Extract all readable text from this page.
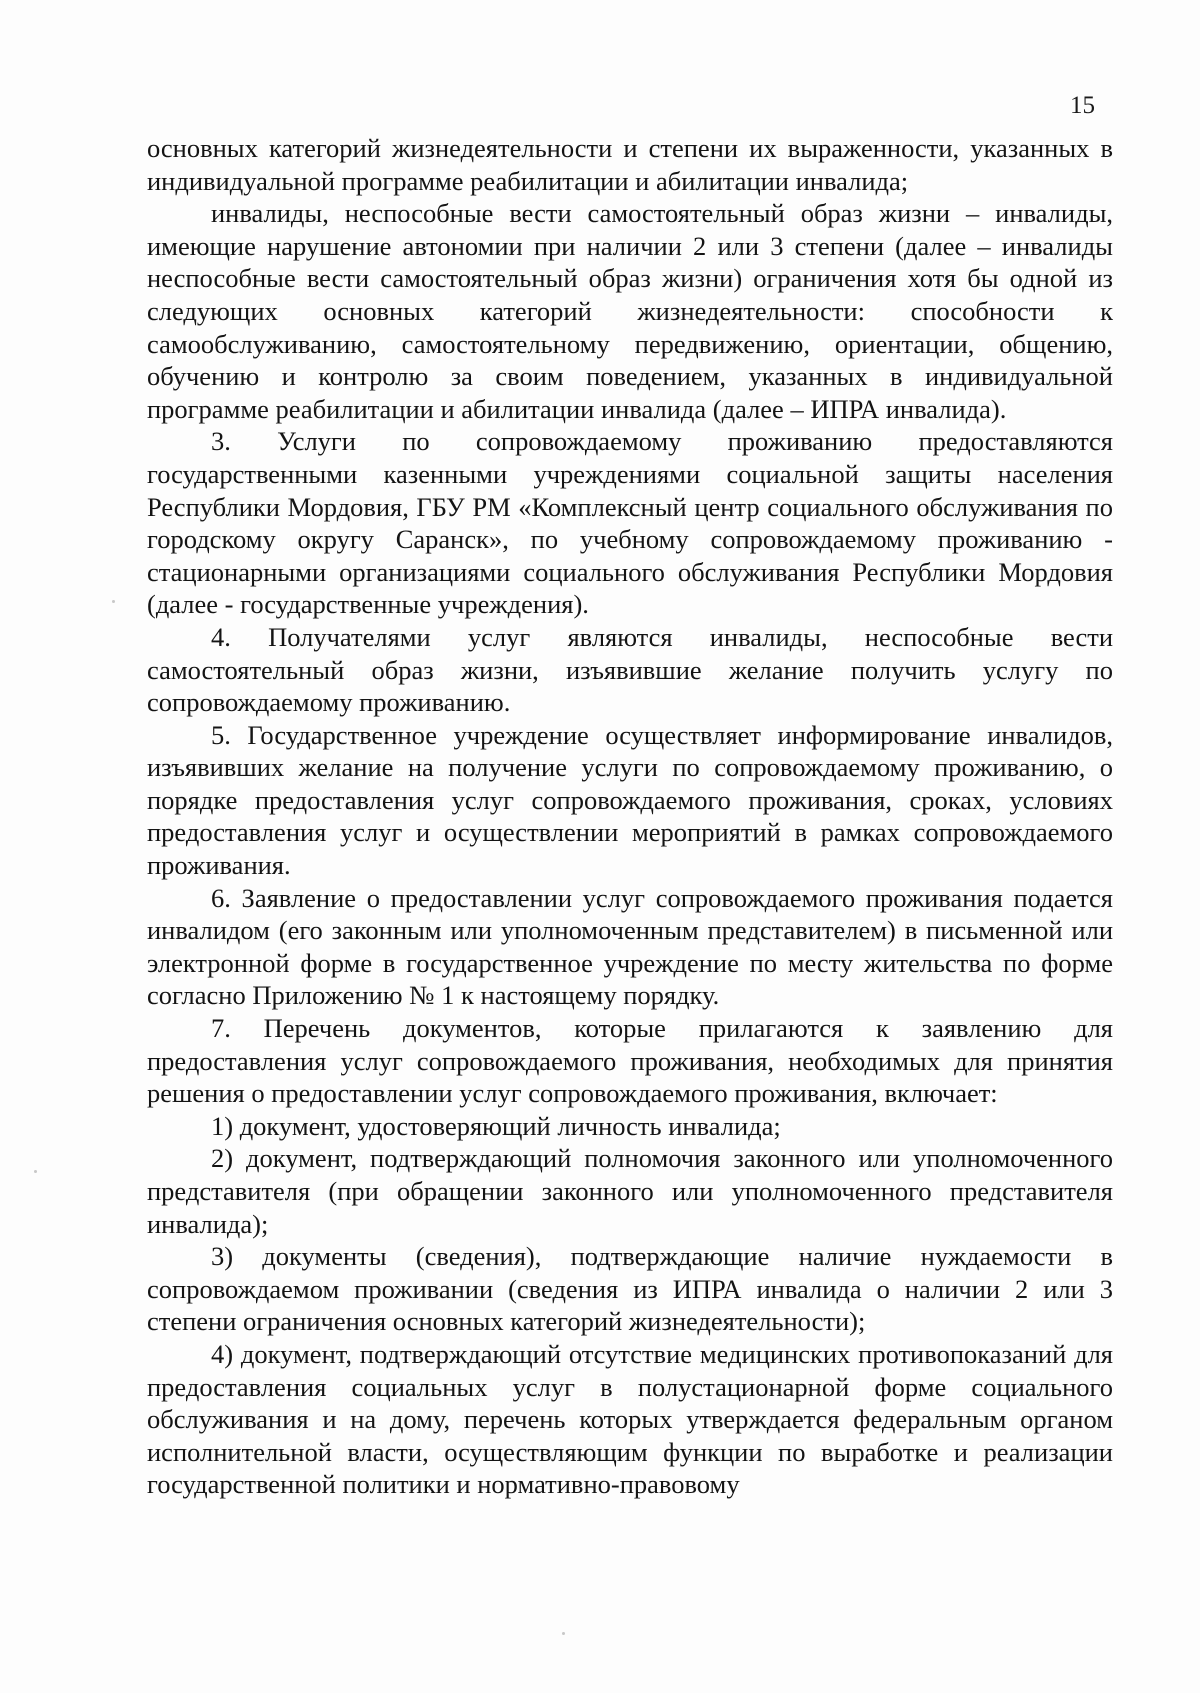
15

основных категорий жизнедеятельности и степени их выраженности, указанных в индивидуальной программе реабилитации и абилитации инвалида;

инвалиды, неспособные вести самостоятельный образ жизни – инвалиды, имеющие нарушение автономии при наличии 2 или 3 степени (далее – инвалиды неспособные вести самостоятельный образ жизни) ограничения хотя бы одной из следующих основных категорий жизнедеятельности: способности к самообслуживанию, самостоятельному передвижению, ориентации, общению, обучению и контролю за своим поведением, указанных в индивидуальной программе реабилитации и абилитации инвалида (далее – ИПРА инвалида).

3. Услуги по сопровождаемому проживанию предоставляются государственными казенными учреждениями социальной защиты населения Республики Мордовия, ГБУ РМ «Комплексный центр социального обслуживания по городскому округу Саранск», по учебному сопровождаемому проживанию - стационарными организациями социального обслуживания Республики Мордовия (далее - государственные учреждения).

4. Получателями услуг являются инвалиды, неспособные вести самостоятельный образ жизни, изъявившие желание получить услугу по сопровождаемому проживанию.

5. Государственное учреждение осуществляет информирование инвалидов, изъявивших желание на получение услуги по сопровождаемому проживанию, о порядке предоставления услуг сопровождаемого проживания, сроках, условиях предоставления услуг и осуществлении мероприятий в рамках сопровождаемого проживания.

6. Заявление о предоставлении услуг сопровождаемого проживания подается инвалидом (его законным или уполномоченным представителем) в письменной или электронной форме в государственное учреждение по месту жительства по форме согласно Приложению № 1 к настоящему порядку.

7. Перечень документов, которые прилагаются к заявлению для предоставления услуг сопровождаемого проживания, необходимых для принятия решения о предоставлении услуг сопровождаемого проживания, включает:

1) документ, удостоверяющий личность инвалида;

2) документ, подтверждающий полномочия законного или уполномоченного представителя (при обращении законного или уполномоченного представителя инвалида);

3) документы (сведения), подтверждающие наличие нуждаемости в сопровождаемом проживании (сведения из ИПРА инвалида о наличии 2 или 3 степени ограничения основных категорий жизнедеятельности);

4) документ, подтверждающий отсутствие медицинских противопоказаний для предоставления социальных услуг в полустационарной форме социального обслуживания и на дому, перечень которых утверждается федеральным органом исполнительной власти, осуществляющим функции по выработке и реализации государственной политики и нормативно-правовому
